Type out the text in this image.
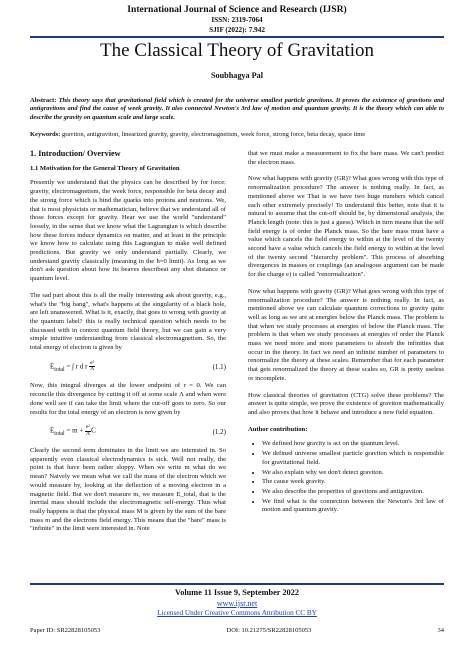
International Journal of Science and Research (IJSR)
ISSN: 2319-7064
SJIF (2022): 7.942
The Classical Theory of Gravitation
Soubhagya Pal
Abstract: This theory says that gravitational field which is created for the universe smallest particle gravitons. It proves the existence of gravitons and antigravitons and find the cause of week gravity. It also connected Newton's 3rd law of motion and quantum gravity. It is the theory which can able to describe the gravity on quantum scale and large scale.
Keywords: graviton, antigraviton, linearized gravity, gravity, electromagnetism, week force, strong force, beta decay, space time
1. Introduction/ Overview
1.1 Motivation for the General Theory of Gravitation

Presently we understand that the physics can be described by for force: gravity, electromagnetism, the week force, responsible for beta decay and the strong force which is bind the quarks into protons and neutrons. We, that is most physicists or mathematician, believe that we understand all of those forces except for gravity. Hear we use the world "understand" loosely, in the sense that we know what the Lagrangian is which describe how these forces induce dynamics on matter, and at least in the principle we know how to calculate using this Lagrangian to make well defined predictions. But gravity we only understand partially. Clearly, we understand gravity classically (meaning in the ħ=0 limit). As long as we don't ask question about how its beaves describeat any shot distance or quantum level.

The sad part about this is all the really interesting ask about gravity, e.g., what's the "big bang", what's happens at the singularity of a black hole, are left unanswered. What is it, exactly, that goes to wrong with gravity at the quantum label? this is really technical question which needs to be discussed with in context quantum field theory, but we can gain a very simple intuitive understanding from classical electromagnetism. So, the total energy of electron is given by

$E_{total}$ = ∫ r d r $\frac{\text{e²}}{\Lambda}$	(1.1)

Now, this integral diverges at the lower endpoint of r = 0. We can reconcile this divergence by cutting it off at some scale Λ and when were done well see if can take the limit where the cut-off goes to zero. So our results for the total energy of an electron is now given by

$E_{total} = m + \frac{\text{e²}}{\Lambda}$ C	(1.2)

Clearly the second term dominates in the limit we are interested in. So apparently even classical electrodynamics is sick. Well not really, the point is that have been rather sloppy. When we write m what do we mean? Naively we mean what we call the mass of the electron which we would measure by, looking at the deflection of a moving electron in a magnetic field. But we don't measure m, we measure E_total, that is the inertial mass should include the electromagnetic self-energy. Thus what really happens is that the physical mass M is given by the sum of the bare mass m and the electrons field energy. This means that the "bare" mass is "infinite" in the limit were interested in. Note

that we must make a measurement to fix the bare mass. We can't predict the electron mass.

Now what happens with gravity (GR)? What goes wrong with this type of renormalization procedure? The answer is nothing really. In fact, as mentioned above we That is we have two huge numbers which cancel each other extremely precisely! To understand this better, note that it is natural to assume that the cut-off should be, by dimensional analysis, the Planck length (note: this is just a guess). Which in turn means that the self field energy is of order the Planck mass. So the bare mass must have a value which cancels the field energy to within at the level of the twenty second have a value which cancels the field energy to within at the level of the twenty second "hierarchy problem". This process of absorbing divergences in masses or couplings (an analogous argument can be made for the charge e) is called "renormalization".

Now what happens with gravity (GR)? What goes wrong with this type of renormalization procedure? The answer is nothing really. In fact, as mentioned above we can calculate quantum corrections to gravity quite well as long as we are at energies below the Planck mass. The problem is that when we study processes at energies of below the Planck mass. The problem is that when we study processes at energies of order the Planck mass we need more and more parameters to absorb the infinities that occur in the theory. In fact we need an infinite number of parameters to renormalize the theory at these scales. Remember that for each parameter that gets renormalized the theory at these scales so, GR is pretty useless or incomplete.

How classical theories of gravitation (CTG) solve these problems? The answer is quite simple, we prove the existence of graviton mathematically and also proves that how it behave and introduce a new field equation.

Author contribution:
• We defined how gravity is act on the quantum level.
• We defined universe smallest particle graviton which is responsible for gravitational field.
• We also explain why we don't detect graviton.
• The cause week gravity.
• We also describe the properties of gravitons and antigraviton.
• We find what is the connection between the Newton's 3rd law of motion and quantum gravity.
Volume 11 Issue 9, September 2022
www.ijsr.net
Licensed Under Creative Commons Attribution CC BY
Paper ID: SR22828105053	DOI: 10.21275/SR22828105053	34
